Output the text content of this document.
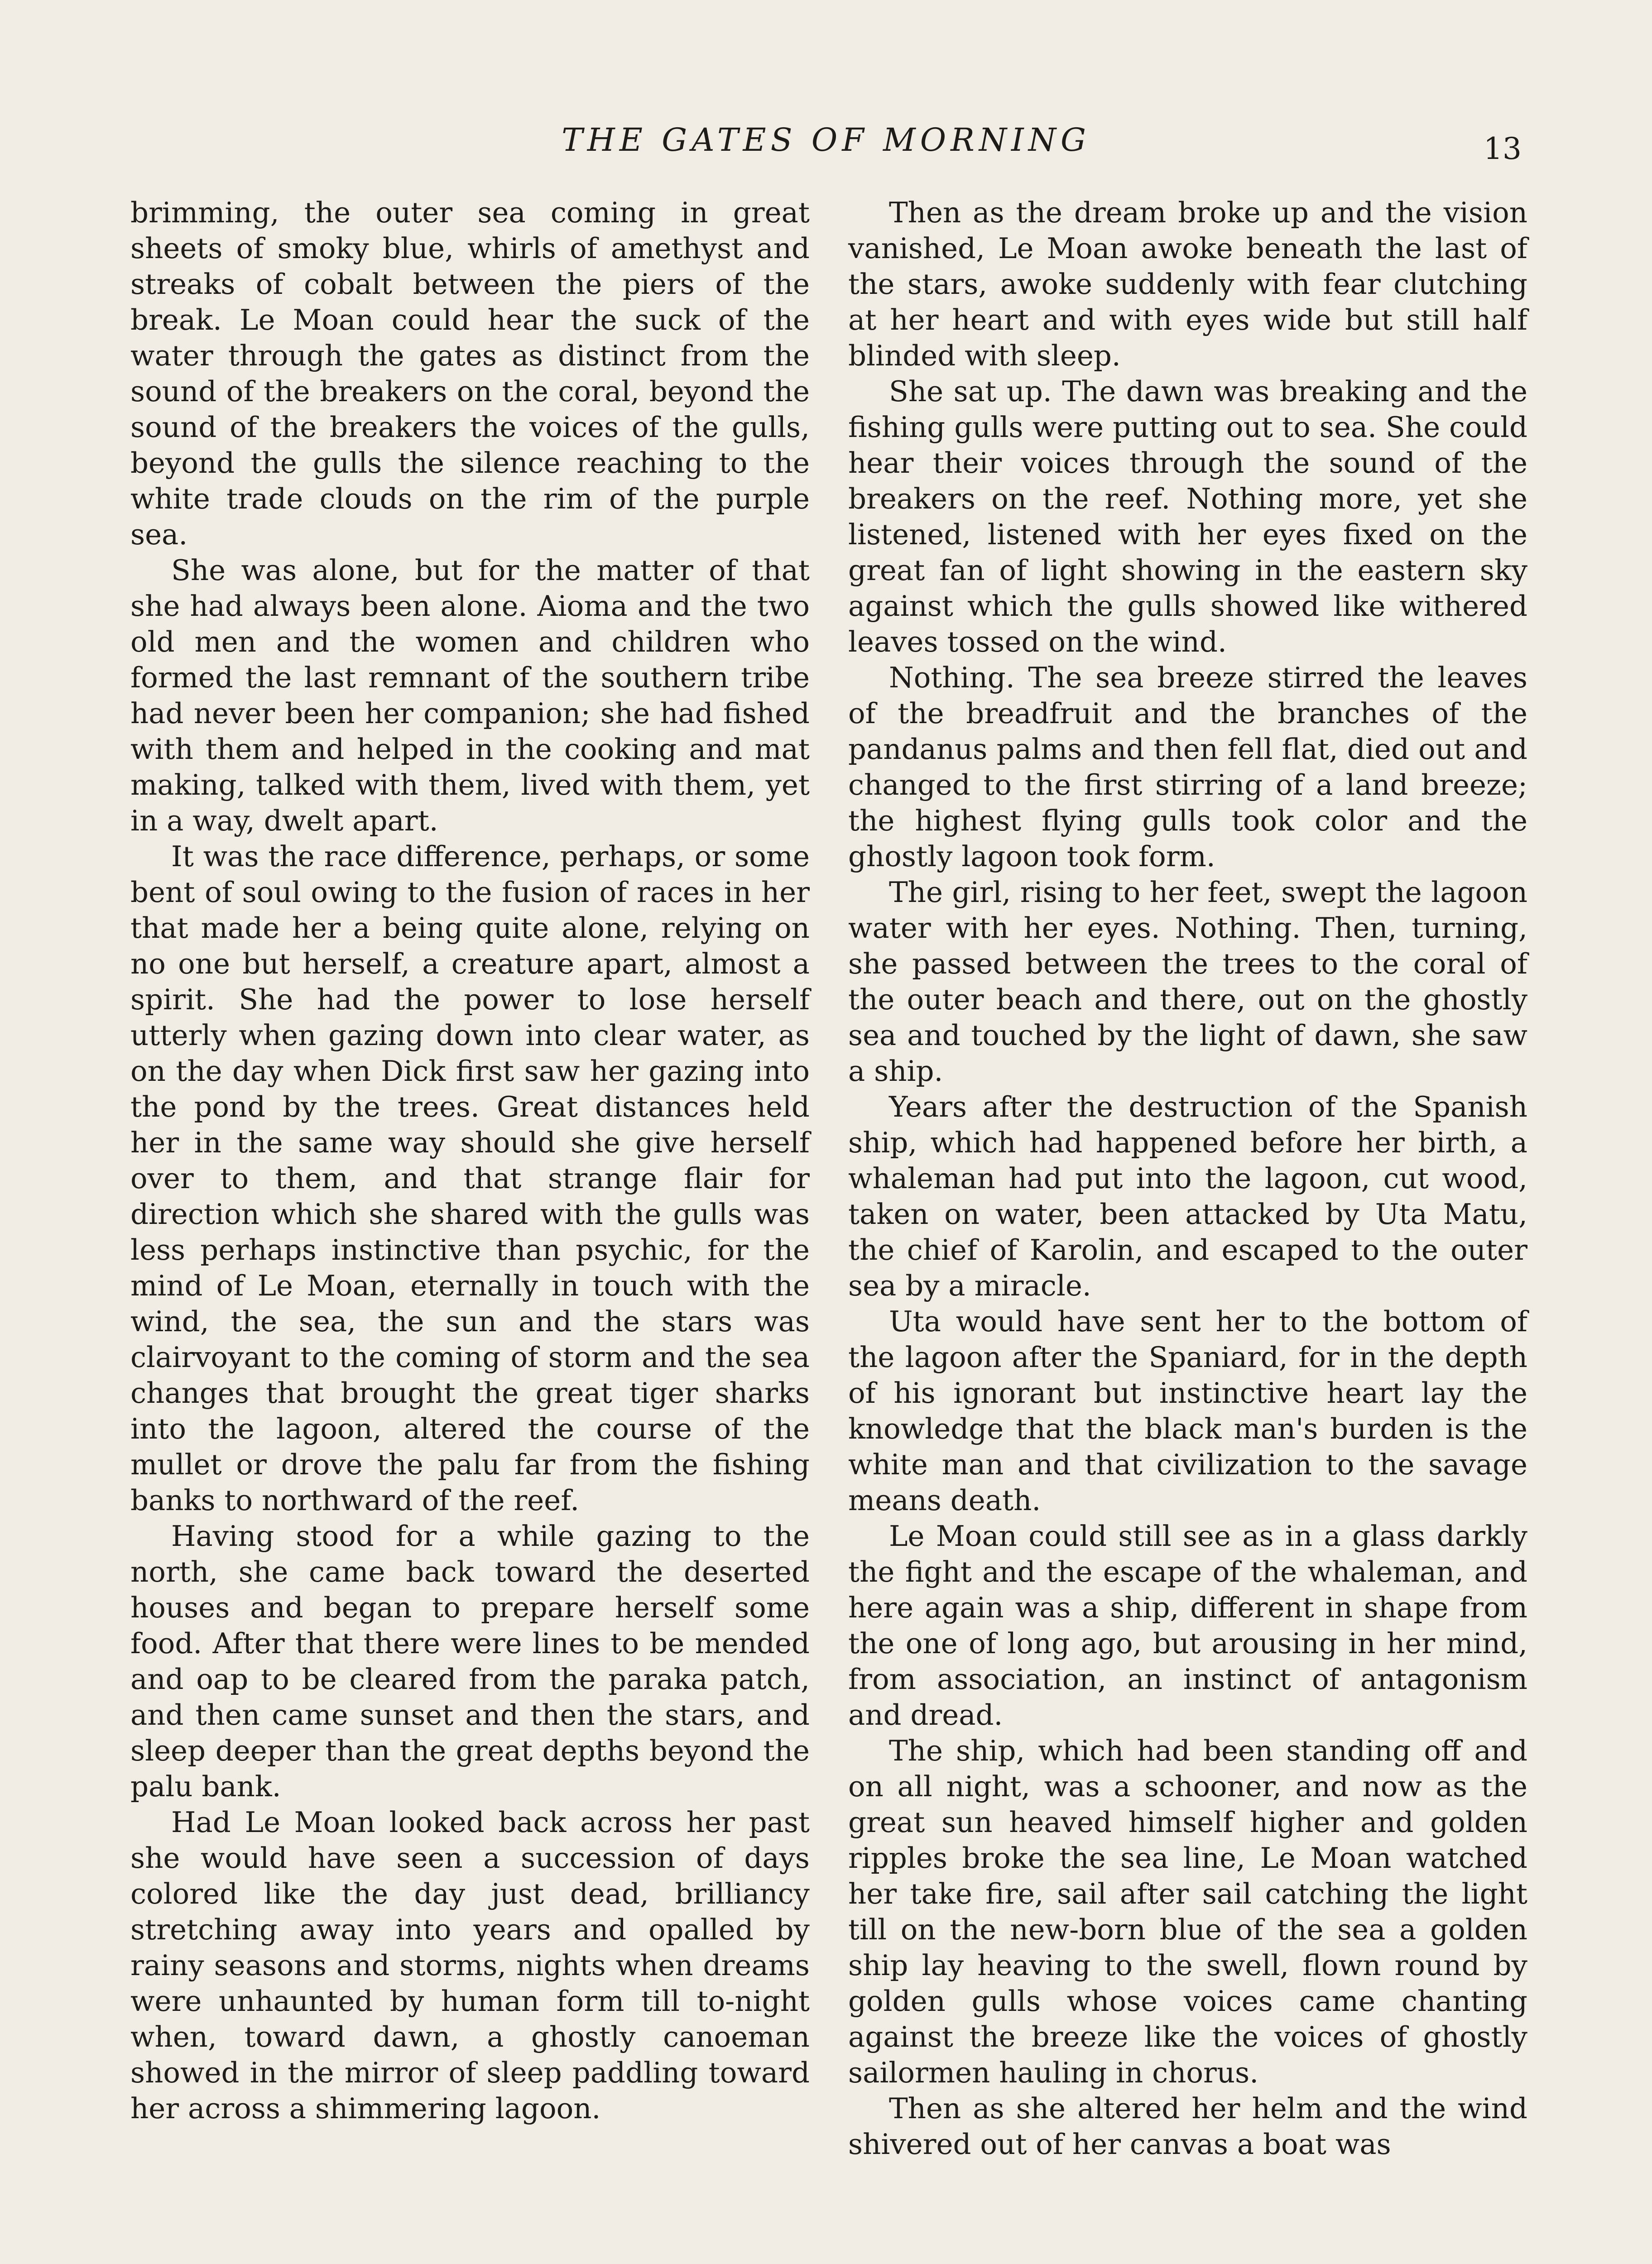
THE GATES OF MORNING	13

brimming, the outer sea coming in great sheets of smoky blue, whirls of amethyst and streaks of cobalt between the piers of the break. Le Moan could hear the suck of the water through the gates as distinct from the sound of the breakers on the coral, beyond the sound of the breakers the voices of the gulls, beyond the gulls the silence reaching to the white trade clouds on the rim of the purple sea.

She was alone, but for the matter of that she had always been alone. Aioma and the two old men and the women and children who formed the last remnant of the southern tribe had never been her companion; she had fished with them and helped in the cooking and mat making, talked with them, lived with them, yet in a way, dwelt apart.

It was the race difference, perhaps, or some bent of soul owing to the fusion of races in her that made her a being quite alone, relying on no one but herself, a creature apart, almost a spirit. She had the power to lose herself utterly when gazing down into clear water, as on the day when Dick first saw her gazing into the pond by the trees. Great distances held her in the same way should she give herself over to them, and that strange flair for direction which she shared with the gulls was less perhaps instinctive than psychic, for the mind of Le Moan, eternally in touch with the wind, the sea, the sun and the stars was clairvoyant to the coming of storm and the sea changes that brought the great tiger sharks into the lagoon, altered the course of the mullet or drove the palu far from the fishing banks to northward of the reef.

Having stood for a while gazing to the north, she came back toward the deserted houses and began to prepare herself some food. After that there were lines to be mended and oap to be cleared from the paraka patch, and then came sunset and then the stars, and sleep deeper than the great depths beyond the palu bank.

Had Le Moan looked back across her past she would have seen a succession of days colored like the day just dead, brilliancy stretching away into years and opalled by rainy seasons and storms, nights when dreams were unhaunted by human form till to-night when, toward dawn, a ghostly canoeman showed in the mirror of sleep paddling toward her across a shimmering lagoon.

Then as the dream broke up and the vision vanished, Le Moan awoke beneath the last of the stars, awoke suddenly with fear clutching at her heart and with eyes wide but still half blinded with sleep.

She sat up. The dawn was breaking and the fishing gulls were putting out to sea. She could hear their voices through the sound of the breakers on the reef. Nothing more, yet she listened, listened with her eyes fixed on the great fan of light showing in the eastern sky against which the gulls showed like withered leaves tossed on the wind.

Nothing. The sea breeze stirred the leaves of the breadfruit and the branches of the pandanus palms and then fell flat, died out and changed to the first stirring of a land breeze; the highest flying gulls took color and the ghostly lagoon took form.

The girl, rising to her feet, swept the lagoon water with her eyes. Nothing. Then, turning, she passed between the trees to the coral of the outer beach and there, out on the ghostly sea and touched by the light of dawn, she saw a ship.

Years after the destruction of the Spanish ship, which had happened before her birth, a whaleman had put into the lagoon, cut wood, taken on water, been attacked by Uta Matu, the chief of Karolin, and escaped to the outer sea by a miracle.

Uta would have sent her to the bottom of the lagoon after the Spaniard, for in the depth of his ignorant but instinctive heart lay the knowledge that the black man's burden is the white man and that civilization to the savage means death.

Le Moan could still see as in a glass darkly the fight and the escape of the whaleman, and here again was a ship, different in shape from the one of long ago, but arousing in her mind, from association, an instinct of antagonism and dread.

The ship, which had been standing off and on all night, was a schooner, and now as the great sun heaved himself higher and golden ripples broke the sea line, Le Moan watched her take fire, sail after sail catching the light till on the new-born blue of the sea a golden ship lay heaving to the swell, flown round by golden gulls whose voices came chanting against the breeze like the voices of ghostly sailormen hauling in chorus.

Then as she altered her helm and the wind shivered out of her canvas a boat was
